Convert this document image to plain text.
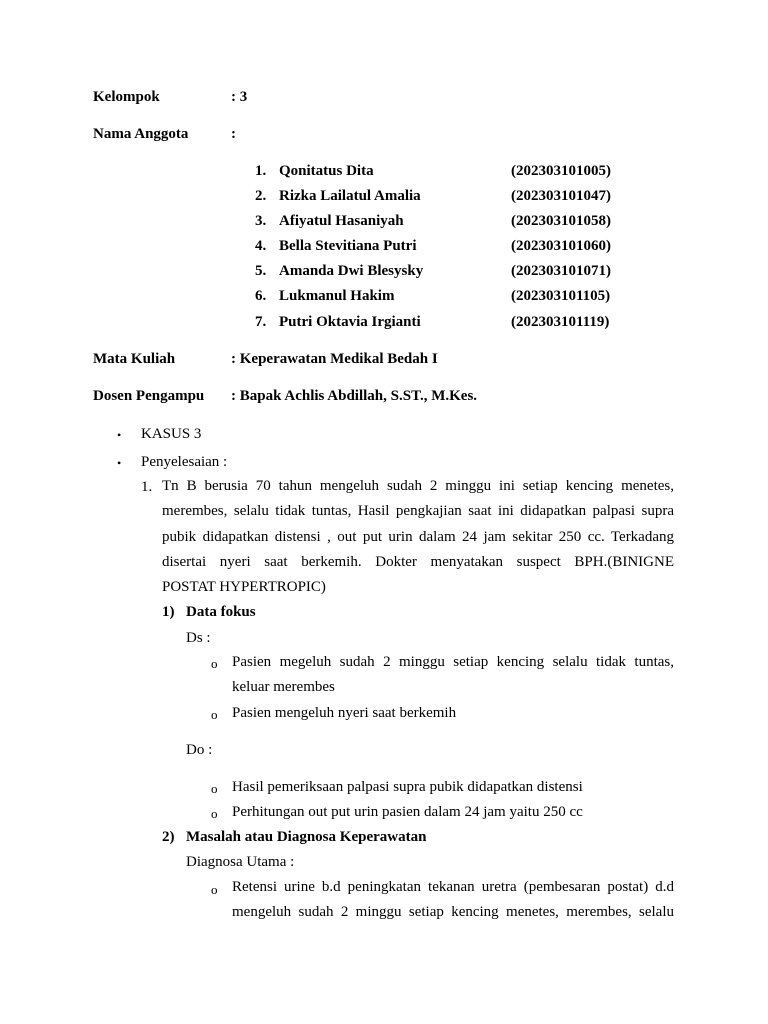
Kelompok	: 3
Nama Anggota	:
1. Qonitatus Dita	(202303101005)
2. Rizka Lailatul Amalia	(202303101047)
3. Afiyatul Hasaniyah	(202303101058)
4. Bella Stevitiana Putri	(202303101060)
5. Amanda Dwi Blesysky	(202303101071)
6. Lukmanul Hakim	(202303101105)
7. Putri Oktavia Irgianti	(202303101119)
Mata Kuliah	: Keperawatan Medikal Bedah I
Dosen Pengampu : Bapak Achlis Abdillah, S.ST., M.Kes.
• KASUS 3
• Penyelesaian :
1. Tn B berusia 70 tahun mengeluh sudah 2 minggu ini setiap kencing menetes,
merembes, selalu tidak tuntas, Hasil pengkajian saat ini didapatkan palpasi supra
pubik didapatkan distensi , out put urin dalam 24 jam sekitar 250 cc. Terkadang
disertai nyeri saat berkemih. Dokter menyatakan suspect BPH.(BINIGNE
POSTAT HYPERTROPIC)
1) Data fokus
Ds :
o Pasien megeluh sudah 2 minggu setiap kencing selalu tidak tuntas,
keluar merembes
o Pasien mengeluh nyeri saat berkemih
Do :
o Hasil pemeriksaan palpasi supra pubik didapatkan distensi
o Perhitungan out put urin pasien dalam 24 jam yaitu 250 cc
2) Masalah atau Diagnosa Keperawatan
Diagnosa Utama :
o Retensi urine b.d peningkatan tekanan uretra (pembesaran postat) d.d
mengeluh sudah 2 minggu setiap kencing menetes, merembes, selalu
